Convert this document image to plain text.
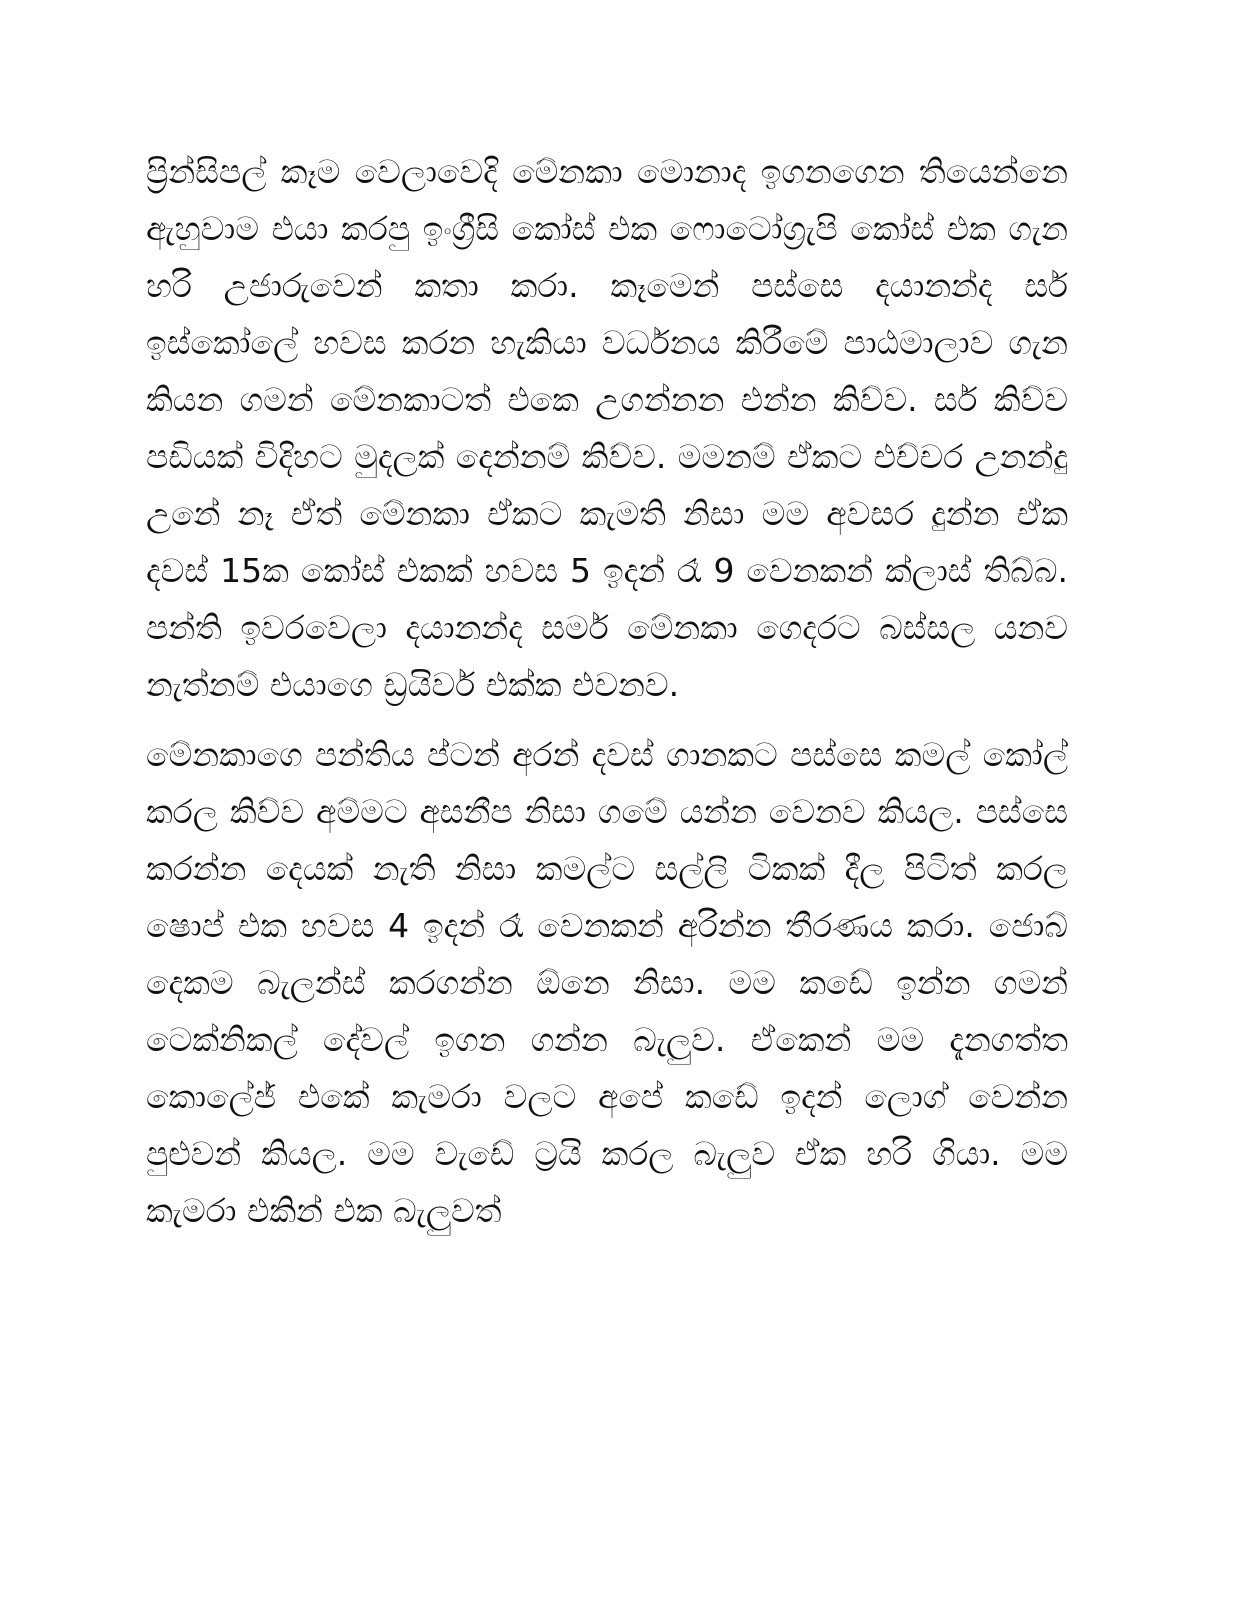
ප්‍රින්සිපල් කෑම වෙලාවෙදි මේනකා මොනාද ඉගනගෙන තියෙන්නෙ ඇහුවාම එයා කරපු ඉංග්‍රීසි කෝස් එක ෆොටෝග්‍රැපි කෝස් එක ගැන හරි උජාරුවෙන් කතා කරා. කෑමෙන් පස්සෙ දයානන්ද සර් ඉස්කෝලේ හවස කරන හැකියා වර්ධනය කිරීමේ පාඨමාලාව ගැන කියන ගමන් මේනකාටත් එකෙ උගන්නන එන්න කිව්ව. සර් කිව්ව පඩියක් විදිහට මුදලක් දෙන්නම් කිව්ව. මමනම් ඒකට එච්චර උනන්දු උනේ නෑ ඒත් මේනකා ඒකට කැමති නිසා මම අවසර දුන්න ඒක දවස් 15ක කෝස් එකක් හවස 5 ඉදන් රෑ 9 වෙනකන් ක්ලාස් තිබ්බ. පන්ති ඉවරවෙලා දයානන්ද සර්ම මේනකා ගෙදරට බස්සල යනව නැත්නම් එයාගෙ ඩ්‍රයිවර් එක්ක එවනව.

මේනකාගෙ පන්තිය ප්ටන් අරන් දවස් ගානකට පස්සෙ කමල් කෝල් කරල කිව්ව අම්මට අසනීප නිසා ගමේ යන්න වෙනව කියල. පස්සෙ කරන්න දෙයක් නැති නිසා කමල්ට සල්ලි ටිකක් දීල පිටිත් කරල ෂොප් එක හවස 4 ඉදන් රෑ වෙනකන් අරින්න තීරණය කරා. ජොබ් දෙකම බැලන්ස් කරගන්න ඕනෙ නිසා. මම කඩේ ඉන්න ගමන් ටෙක්නිකල් දේවල් ඉගන ගන්න බැලුව. ඒකෙන් මම දැනගත්ත කොලේජ් එකේ කැමරා වලට අපේ කඩේ ඉදන් ලොග් වෙන්න පුළුවන් කියල. මම වැඩේ ට්‍රයි කරල බැලුව ඒක හරි ගියා. මම කැමරා එකින් එක බැලුවත්
